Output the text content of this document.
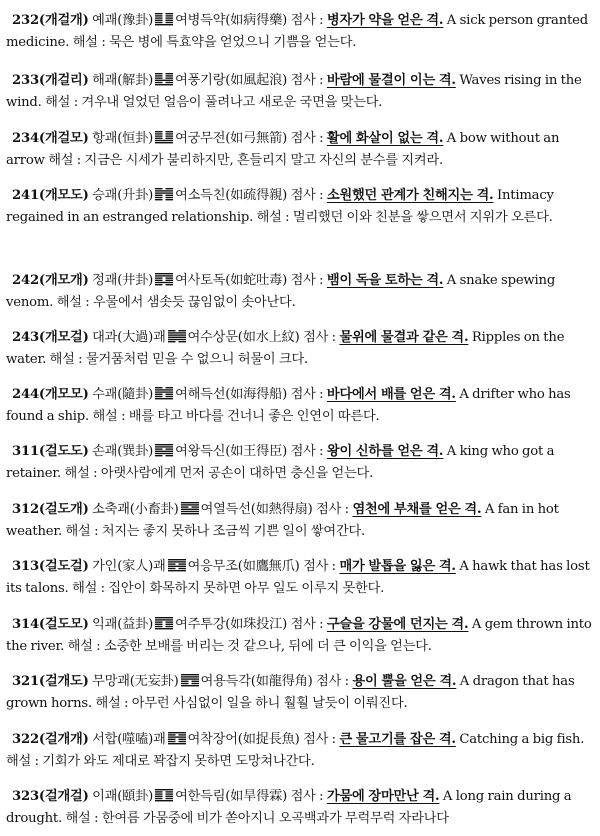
232(개걸개) 예괘(豫卦) 여병득약(如病得藥) 점사 : 병자가 약을 얻은 격. A sick person granted medicine. 해설 : 묵은 병에 특효약을 얻었으니 기쁨을 얻는다.
233(개걸리) 해괘(解卦) 여풍기랑(如風起浪) 점사 : 바람에 물결이 이는 격. Waves rising in the wind. 해설 : 겨우내 얼었던 얼음이 풀려나고 새로운 국면을 맞는다.
234(개걸모) 항괘(恒卦) 여궁무전(如弓無箭) 점사 : 활에 화살이 없는 격. A bow without an arrow 해설 : 지금은 시세가 불리하지만, 흔들리지 말고 자신의 분수를 지켜라.
241(개모도) 승괘(升卦) 여소득친(如疏得親) 점사 : 소원했던 관계가 친해지는 격. Intimacy regained in an estranged relationship. 해설 : 멀리했던 이와 친분을 쌓으면서 지위가 오른다.
242(개모개) 정괘(井卦) 여사토독(如蛇吐毒) 점사 : 뱀이 독을 토하는 격. A snake spewing venom. 해설 : 우물에서 샘솟듯 끊임없이 솟아난다.
243(개모걸) 대과(大過)괘 여수상문(如水上紋) 점사 : 물위에 물결과 같은 격. Ripples on the water. 해설 : 물거품처럼 믿을 수 없으니 허물이 크다.
244(개모모) 수괘(隨卦) 여해득선(如海得船) 점사 : 바다에서 배를 얻은 격. A drifter who has found a ship. 해설 : 배를 타고 바다를 건너니 좋은 인연이 따른다.
311(걸도도) 손괘(巽卦) 여왕득신(如王得臣) 점사 : 왕이 신하를 얻은 격. A king who got a retainer. 해설 : 아랫사람에게 먼저 공손이 대하면 충신을 얻는다.
312(걸도개) 소축괘(小畜卦) 여열득선(如熱得扇) 점사 : 염천에 부채를 얻은 격. A fan in hot weather. 해설 : 처지는 좋지 못하나 조금씩 기쁜 일이 쌓여간다.
313(걸도걸) 가인(家人)괘 여응무조(如鷹無爪) 점사 : 매가 발톱을 잃은 격. A hawk that has lost its talons. 해설 : 집안이 화목하지 못하면 아무 일도 이루지 못한다.
314(걸도모) 익괘(益卦) 여주투강(如珠投江) 점사 : 구슬을 강물에 던지는 격. A gem thrown into the river. 해설 : 소중한 보배를 버리는 것 같으나, 뒤에 더 큰 이익을 얻는다.
321(걸개도) 무망괘(无妄卦) 여용득각(如龍得角) 점사 : 용이 뿔을 얻은 격. A dragon that has grown horns. 해설 : 아무런 사심없이 일을 하니 훨훨 날듯이 이뤄진다.
322(걸개개) 서합(噬嗑)괘 여착장어(如捉長魚) 점사 : 큰 물고기를 잡은 격. Catching a big fish. 해설 : 기회가 와도 제대로 꽉잡지 못하면 도망쳐나간다.
323(걸개걸) 이괘(頤卦) 여한득림(如旱得霖) 점사 : 가뭄에 장마만난 격. A long rain during a drought. 해설 : 한여름 가뭄중에 비가 쏟아지니 오곡백과가 무럭무럭 자라나다
